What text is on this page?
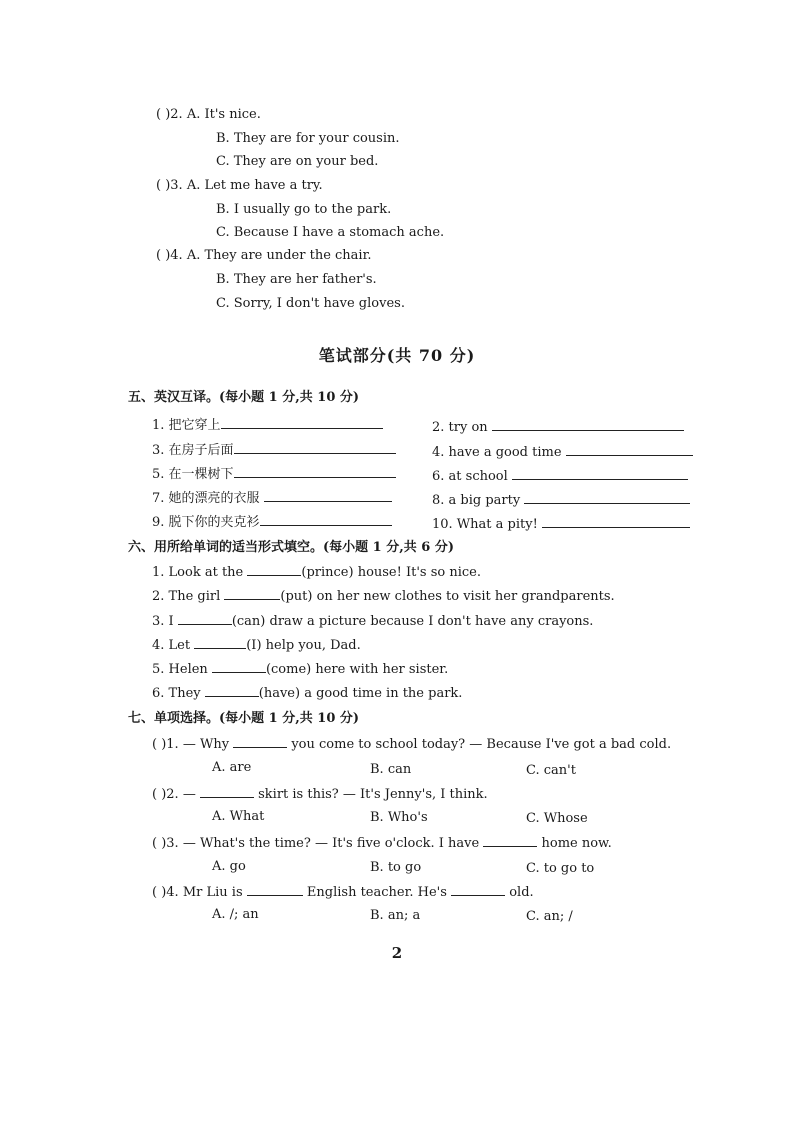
( )2. A. It's nice.
B. They are for your cousin.
C. They are on your bed.
( )3. A. Let me have a try.
B. I usually go to the park.
C. Because I have a stomach ache.
( )4. A. They are under the chair.
B. They are her father's.
C. Sorry, I don't have gloves.
笔试部分(共 70 分)
五、英汉互译。(每小题 1 分,共 10 分)
1. 把它穿上	2. try on
3. 在房子后面	4. have a good time
5. 在一棵树下	6. at school
7. 她的漂亮的衣服	8. a big party
9. 脱下你的夹克衫	10. What a pity!
六、用所给单词的适当形式填空。(每小题 1 分,共 6 分)
1. Look at the	(prince) house! It's so nice.
2. The girl	(put) on her new clothes to visit her grandparents.
3. I	(can) draw a picture because I don't have any crayons.
4. Let	(I) help you, Dad.
5. Helen	(come) here with her sister.
6. They	(have) a good time in the park.
七、单项选择。(每小题 1 分,共 10 分)
( )1. — Why	you come to school today? — Because I've got a bad cold.
A. are	B. can	C. can't
( )2. —	skirt is this? — It's Jenny's, I think.
A. What	B. Who's	C. Whose
( )3. — What's the time? — It's five o'clock. I have	home now.
A. go	B. to go	C. to go to
( )4. Mr Liu is	English teacher. He's	old.
A. /; an	B. an; a	C. an; /
2
